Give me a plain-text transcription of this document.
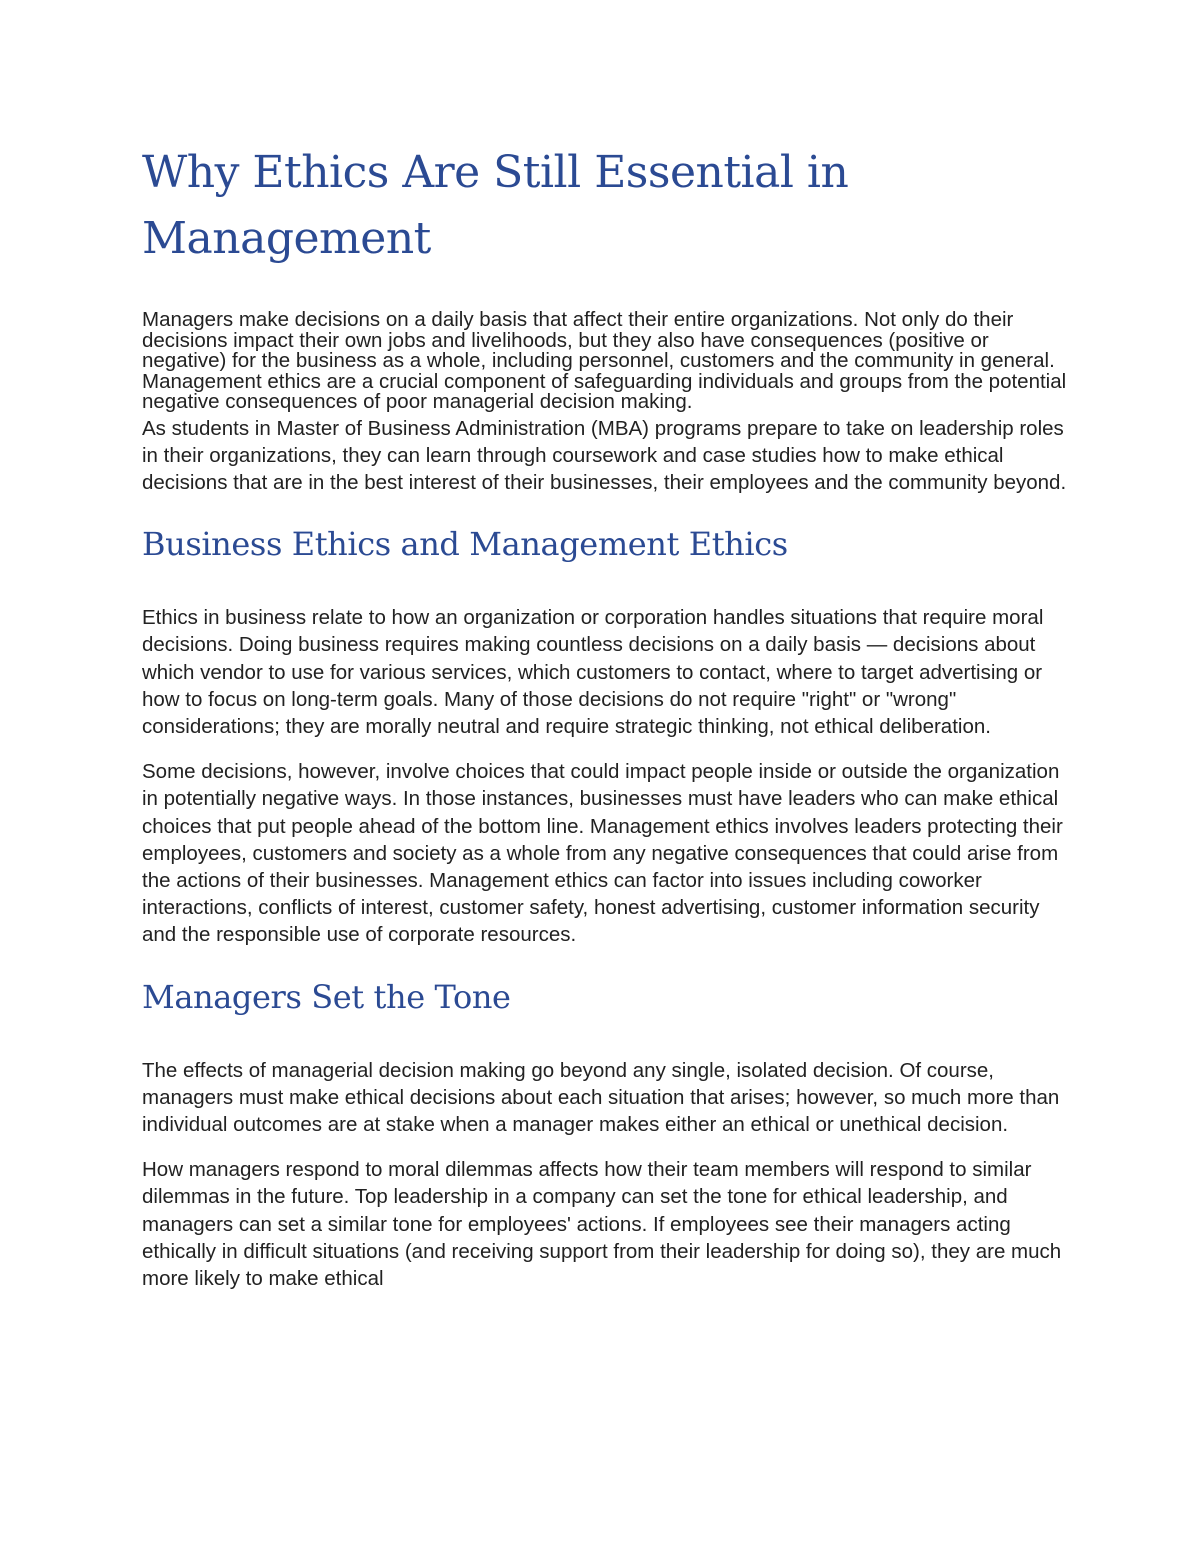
Why Ethics Are Still Essential in Management

Managers make decisions on a daily basis that affect their entire organizations. Not only do their decisions impact their own jobs and livelihoods, but they also have consequences (positive or negative) for the business as a whole, including personnel, customers and the community in general. Management ethics are a crucial component of safeguarding individuals and groups from the potential negative consequences of poor managerial decision making.

As students in Master of Business Administration (MBA) programs prepare to take on leadership roles in their organizations, they can learn through coursework and case studies how to make ethical decisions that are in the best interest of their businesses, their employees and the community beyond.

Business Ethics and Management Ethics

Ethics in business relate to how an organization or corporation handles situations that require moral decisions. Doing business requires making countless decisions on a daily basis — decisions about which vendor to use for various services, which customers to contact, where to target advertising or how to focus on long-term goals. Many of those decisions do not require "right" or "wrong" considerations; they are morally neutral and require strategic thinking, not ethical deliberation.

Some decisions, however, involve choices that could impact people inside or outside the organization in potentially negative ways. In those instances, businesses must have leaders who can make ethical choices that put people ahead of the bottom line. Management ethics involves leaders protecting their employees, customers and society as a whole from any negative consequences that could arise from the actions of their businesses. Management ethics can factor into issues including coworker interactions, conflicts of interest, customer safety, honest advertising, customer information security and the responsible use of corporate resources.

Managers Set the Tone

The effects of managerial decision making go beyond any single, isolated decision. Of course, managers must make ethical decisions about each situation that arises; however, so much more than individual outcomes are at stake when a manager makes either an ethical or unethical decision.

How managers respond to moral dilemmas affects how their team members will respond to similar dilemmas in the future. Top leadership in a company can set the tone for ethical leadership, and managers can set a similar tone for employees' actions. If employees see their managers acting ethically in difficult situations (and receiving support from their leadership for doing so), they are much more likely to make ethical
